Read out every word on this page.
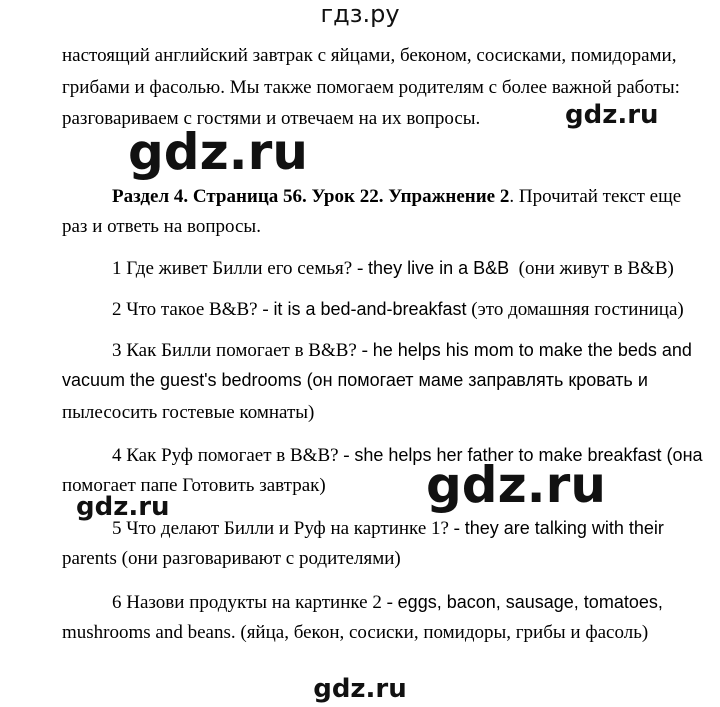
гдз.ру
настоящий английский завтрак с яйцами, беконом, сосисками, помидорами,
грибами и фасолью. Мы также помогаем родителям с более важной работы:
разговариваем с гостями и отвечаем на их вопросы.	gdz.ru
gdz.ru
Раздел 4. Страница 56. Урок 22. Упражнение 2. Прочитай текст еще
раз и ответь на вопросы.
1 Где живет Билли его семья? - they live in a B&B (они живут в B&B)
2 Что такое B&B? - it is a bed-and-breakfast (это домашняя гостиница)
3 Как Билли помогает в B&B? - he helps his mom to make the beds and
vacuum the guest's bedrooms (он помогает маме заправлять кровать и
пылесосить гостевые комнаты)
4 Как Руф помогает в B&B? - she helps her father to make breakfast (она
помогает папе Готовить завтрак) gdz.ru
gdz.ru
5 Что делают Билли и Руф на картинке 1? - they are talking with their
parents (они разговаривают с родителями)
6 Назови продукты на картинке 2 - eggs, bacon, sausage, tomatoes,
mushrooms and beans. (яйца, бекон, сосиски, помидоры, грибы и фасоль)
gdz.ru
